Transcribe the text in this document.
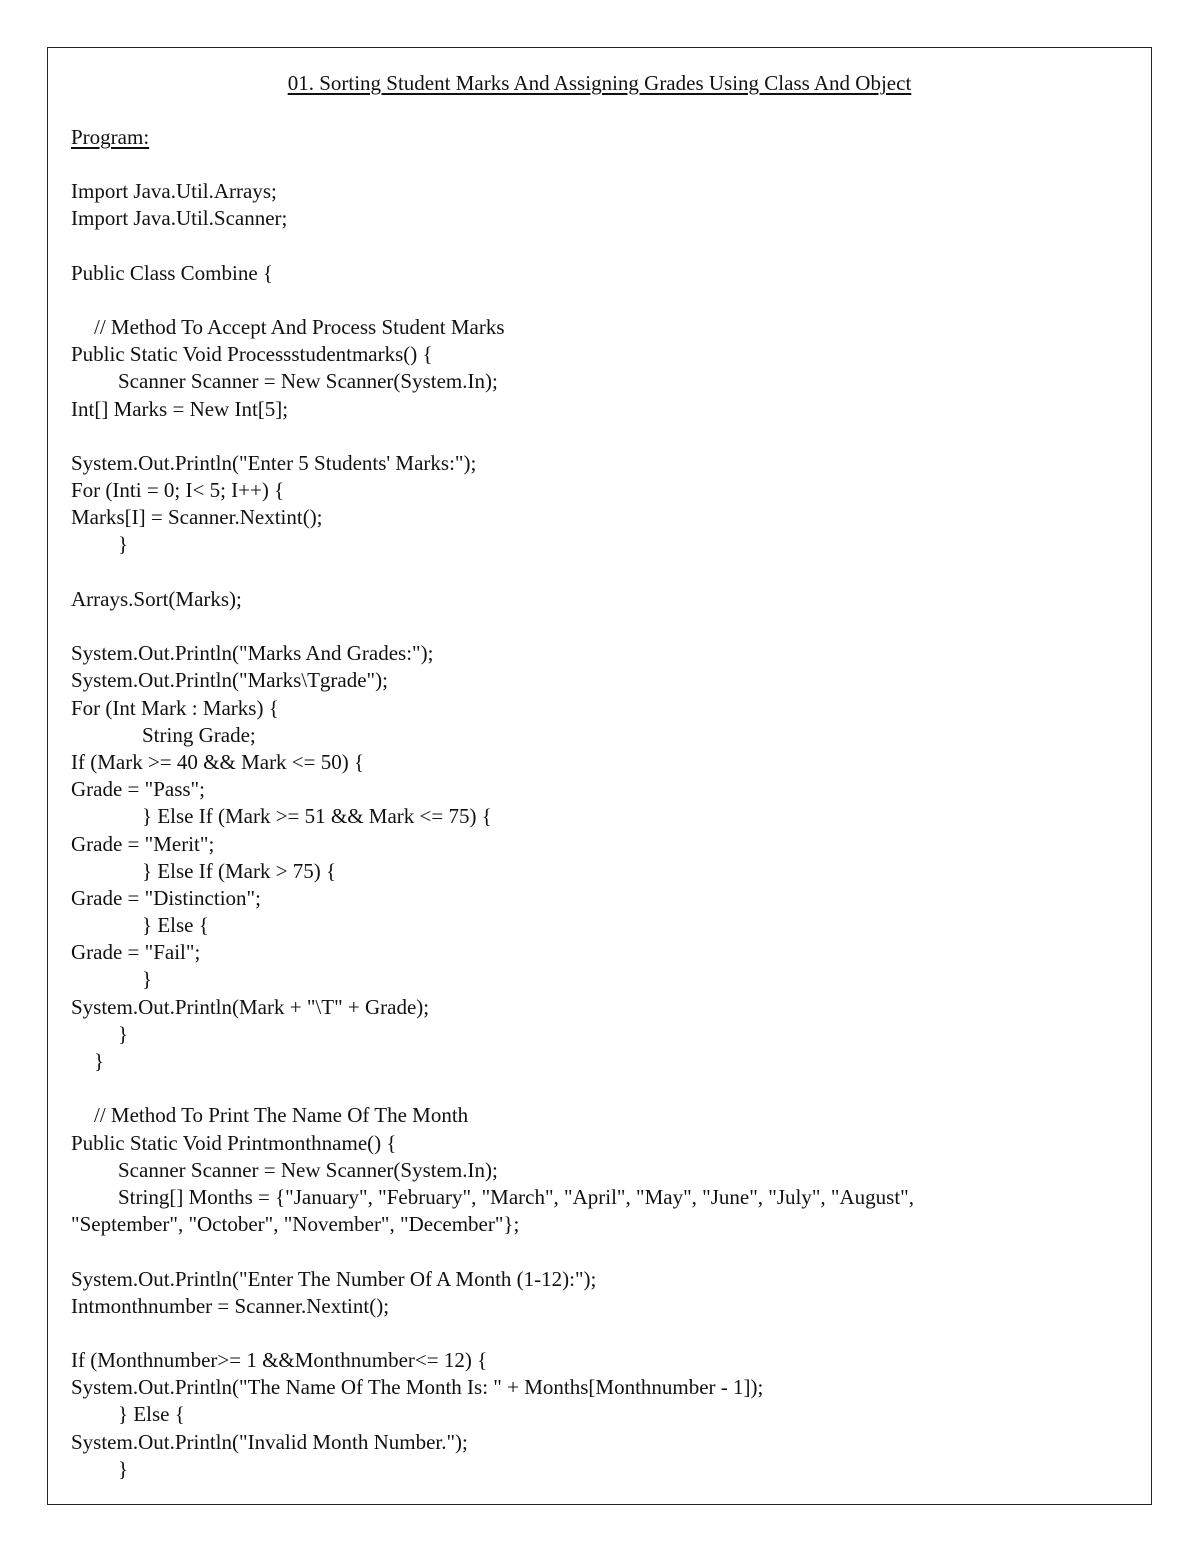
01. Sorting Student Marks And Assigning Grades Using Class And Object
Program:
Import Java.Util.Arrays;
Import Java.Util.Scanner;
Public Class Combine {
// Method To Accept And Process Student Marks
Public Static Void Processstudentmarks() {
Scanner Scanner = New Scanner(System.In);
Int[] Marks = New Int[5];
System.Out.Println("Enter 5 Students' Marks:");
For (Inti = 0; I< 5; I++) {
Marks[I] = Scanner.Nextint();
}
Arrays.Sort(Marks);
System.Out.Println("Marks And Grades:");
System.Out.Println("Marks\Tgrade");
For (Int Mark : Marks) {
String Grade;
If (Mark >= 40 && Mark <= 50) {
Grade = "Pass";
} Else If (Mark >= 51 && Mark <= 75) {
Grade = "Merit";
} Else If (Mark > 75) {
Grade = "Distinction";
} Else {
Grade = "Fail";
}
System.Out.Println(Mark + "\T" + Grade);
}
}
// Method To Print The Name Of The Month
Public Static Void Printmonthname() {
Scanner Scanner = New Scanner(System.In);
String[] Months = {"January", "February", "March", "April", "May", "June", "July", "August",
"September", "October", "November", "December"};
System.Out.Println("Enter The Number Of A Month (1-12):");
Intmonthnumber = Scanner.Nextint();
If (Monthnumber>= 1 &&Monthnumber<= 12) {
System.Out.Println("The Name Of The Month Is: " + Months[Monthnumber - 1]);
} Else {
System.Out.Println("Invalid Month Number.");
}
